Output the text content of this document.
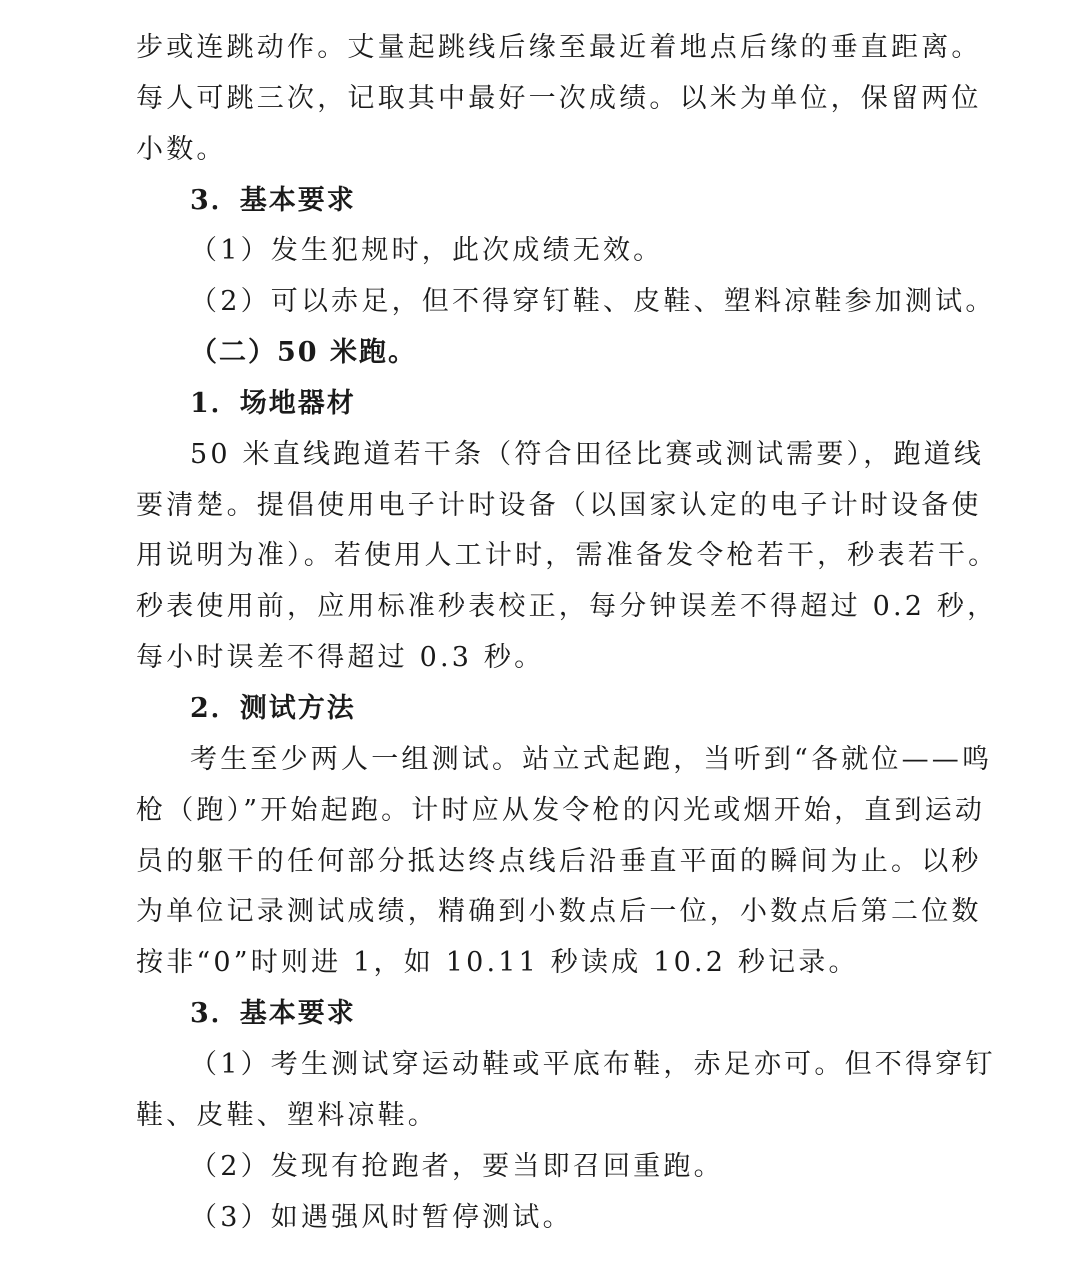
步或连跳动作。丈量起跳线后缘至最近着地点后缘的垂直距离。
每人可跳三次，记取其中最好一次成绩。以米为单位，保留两位
小数。
3．基本要求
（1）发生犯规时，此次成绩无效。
（2）可以赤足，但不得穿钉鞋、皮鞋、塑料凉鞋参加测试。
（二）50 米跑。
1．场地器材
50 米直线跑道若干条（符合田径比赛或测试需要），跑道线
要清楚。提倡使用电子计时设备（以国家认定的电子计时设备使
用说明为准）。若使用人工计时，需准备发令枪若干，秒表若干。
秒表使用前，应用标准秒表校正，每分钟误差不得超过 0.2 秒，
每小时误差不得超过 0.3 秒。
2．测试方法
考生至少两人一组测试。站立式起跑，当听到“各就位——鸣
枪（跑）”开始起跑。计时应从发令枪的闪光或烟开始，直到运动
员的躯干的任何部分抵达终点线后沿垂直平面的瞬间为止。以秒
为单位记录测试成绩，精确到小数点后一位，小数点后第二位数
按非“0”时则进 1，如 10.11 秒读成 10.2 秒记录。
3．基本要求
（1）考生测试穿运动鞋或平底布鞋，赤足亦可。但不得穿钉
鞋、皮鞋、塑料凉鞋。
（2）发现有抢跑者，要当即召回重跑。
（3）如遇强风时暂停测试。
